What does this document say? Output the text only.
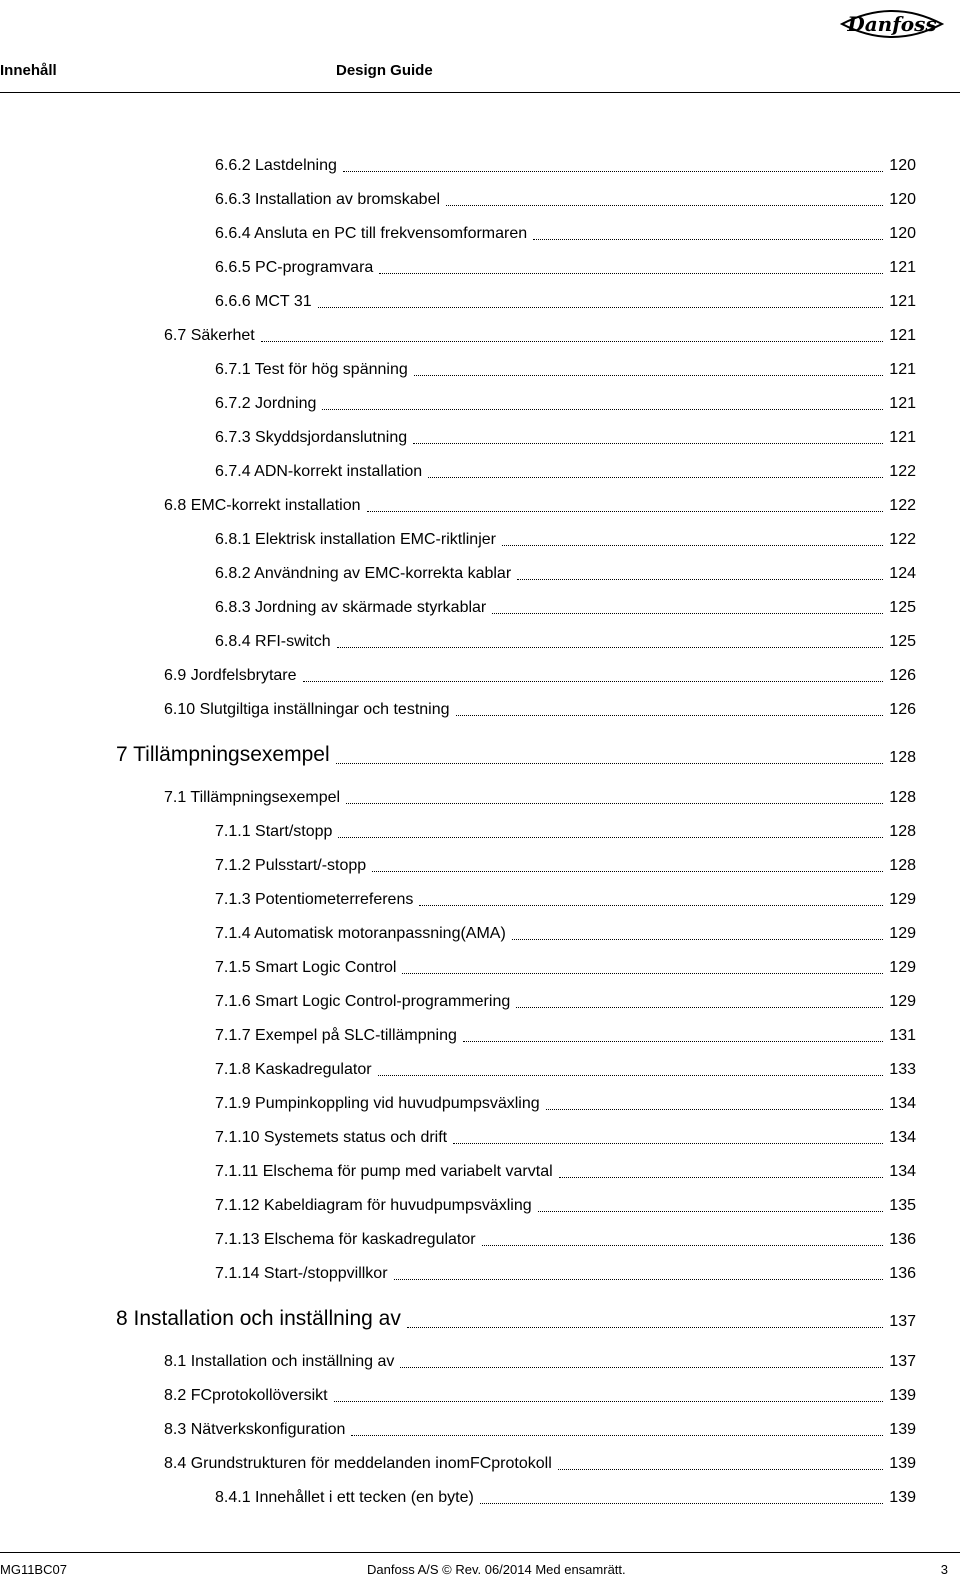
Danfoss
Innehåll	Design Guide
6.6.2 Lastdelning	120
6.6.3 Installation av bromskabel	120
6.6.4 Ansluta en PC till frekvensomformaren	120
6.6.5 PC-programvara	121
6.6.6 MCT 31	121
6.7 Säkerhet	121
6.7.1 Test för hög spänning	121
6.7.2 Jordning	121
6.7.3 Skyddsjordanslutning	121
6.7.4 ADN-korrekt installation	122
6.8 EMC-korrekt installation	122
6.8.1 Elektrisk installation EMC-riktlinjer	122
6.8.2 Användning av EMC-korrekta kablar	124
6.8.3 Jordning av skärmade styrkablar	125
6.8.4 RFI-switch	125
6.9 Jordfelsbrytare	126
6.10 Slutgiltiga inställningar och testning	126
7 Tillämpningsexempel	128
7.1 Tillämpningsexempel	128
7.1.1 Start/stopp	128
7.1.2 Pulsstart/-stopp	128
7.1.3 Potentiometerreferens	129
7.1.4 Automatisk motoranpassning(AMA)	129
7.1.5 Smart Logic Control	129
7.1.6 Smart Logic Control-programmering	129
7.1.7 Exempel på SLC-tillämpning	131
7.1.8 Kaskadregulator	133
7.1.9 Pumpinkoppling vid huvudpumpsväxling	134
7.1.10 Systemets status och drift	134
7.1.11 Elschema för pump med variabelt varvtal	134
7.1.12 Kabeldiagram för huvudpumpsväxling	135
7.1.13 Elschema för kaskadregulator	136
7.1.14 Start-/stoppvillkor	136
8 Installation och inställning av	137
8.1 Installation och inställning av	137
8.2 FCprotokollöversikt	139
8.3 Nätverkskonfiguration	139
8.4 Grundstrukturen för meddelanden inomFCprotokoll	139
8.4.1 Innehållet i ett tecken (en byte)	139
MG11BC07	Danfoss A/S © Rev. 06/2014 Med ensamrätt.	3
